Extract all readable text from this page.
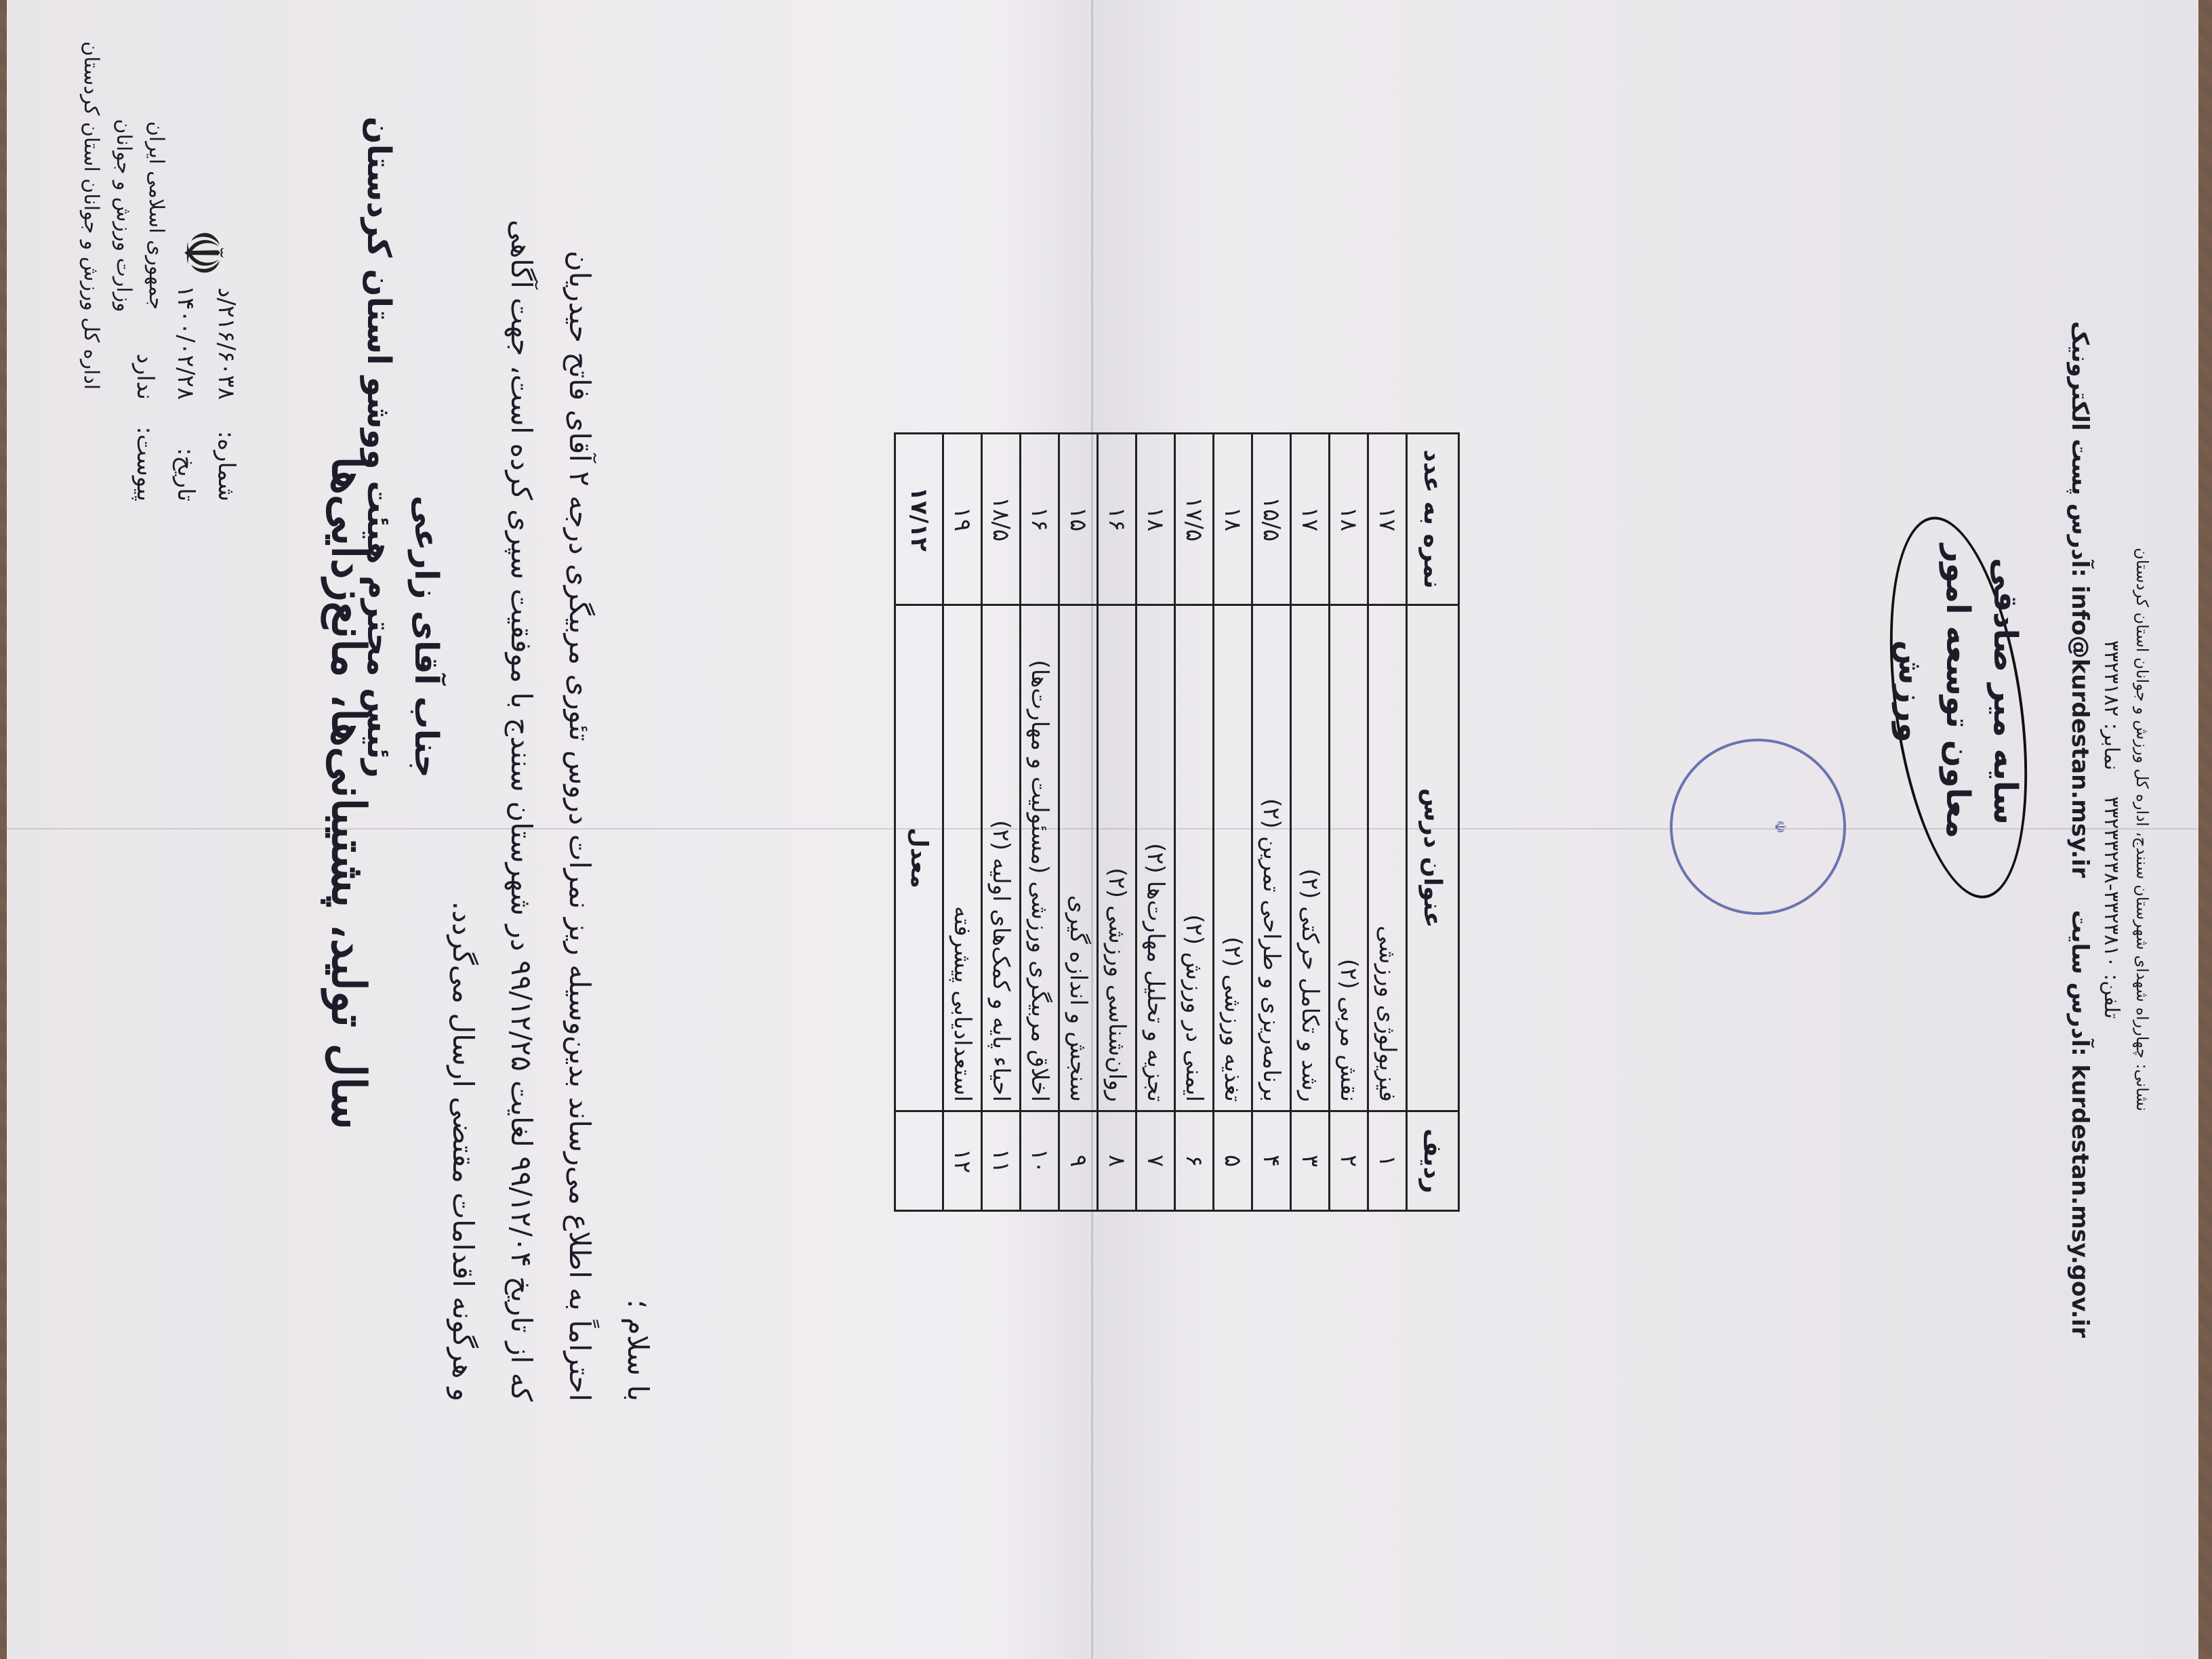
☫
جمهوری اسلامی ایران
وزارت ورزش و جوانان
اداره کل ورزش و جوانان استان کردستان
سال تولید، پشتیبانی‌ها، مانع‌زدایی‌ها
شماره:۲۱۶/۶۰۳۸/د
تاریخ:۱۴۰۰/۰۲/۲۸
پیوست:ندارد
جناب آقای زارعی
رئیس محترم هیئت ووشو استان کردستان

با سلام ؛

احتراماً به اطلاع می‌رساند بدین‌وسیله ریز نمرات دروس تئوری مربیگری درجه ۲ آقای فاتح حیدریان

که از تاریخ ۹۹/۱۲/۰۴ لغایت ۹۹/۱۲/۲۵ در شهرستان سنندج با موفقیت سپری کرده است، جهت آگاهی

و هرگونه اقدامات مقتضی ارسال می‌گردد.	ردیف	عنوان درس	نمره به عدد
۱	فیزیولوژی ورزشی	۱۷
۲	نقش مربی (۲)	۱۸
۳	رشد و تکامل حرکتی (۲)	۱۷
۴	برنامه‌ریزی و طراحی تمرین (۲)	۱۵/۵
۵	تغذیه ورزشی (۲)	۱۸
۶	ایمنی در ورزش (۲)	۱۷/۵
۷	تجزیه و تحلیل مهارت‌ها (۲)	۱۸
۸	روان‌شناسی ورزشی (۲)	۱۶
۹	سنجش و اندازه گیری	۱۵
۱۰	اخلاق مربیگری ورزشی (مسئولیت و مهارت‌ها)	۱۶
۱۱	احیاء پایه و کمک‌های اولیه (۲)	۱۸/۵
۱۲	استعدادیابی پیشرفته	۱۹
	معدل	۱۷/۱۲
☫
سایه میر صادقی
معاون توسعه امور ورزش	نشانی: چهارراه شهدای شهرستان سنندج، اداره کل ورزش و جوانان استان کردستان
تلفن: ۳۳۲۳۸۱۰-۳۳۲۳۳۲۳۸    نمابر: ۳۳۲۳۱۸۲
آدرس پست الکترونیک: info@kurdestan.msy.ir    آدرس سایت: kurdestan.msy.gov.ir
